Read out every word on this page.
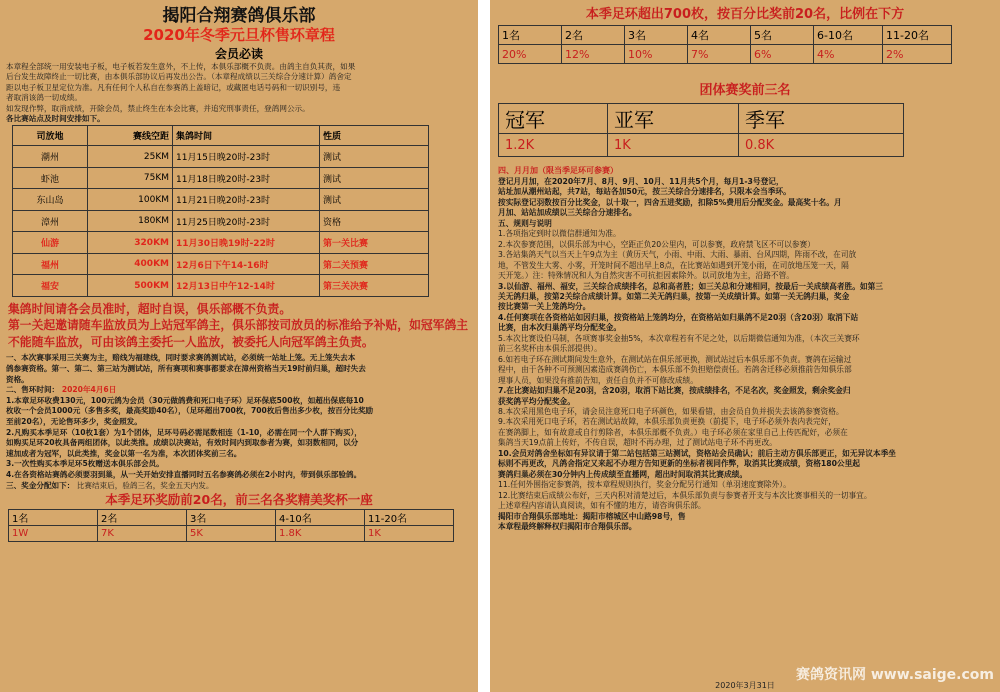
揭阳合翔赛鸽俱乐部
2020年冬季元旦杯售环章程
会员必读
本章程全部统一用安装电子板，电子板若发生意外，不上传，本俱乐部概不负责。由鸽主自负其责，如果
后台发生故障终止一切比赛，由本俱乐部协议后再发出公告。（本章程成绩以三关综合分速计算）鸽舍定
距以电子板卫星定位为准。凡有任何个人私自在参赛鸽上盖暗记，或藏匿电话号码和一切识别号，违
者取消该鸽一切成绩。
如发现作弊，取消成绩，开除会员，禁止终生在本会比赛，并追究刑事责任，登鸽网公示。
各比赛站点及时间安排如下。
司放地	赛线空距	集鸽时间	性质
潮州	25KM	11月15日晚20时-23时	测试
虾池	75KM	11月18日晚20时-23时	测试
东山岛	100KM	11月21日晚20时-23时	测试
漳州	180KM	11月25日晚20时-23时	资格
仙游	320KM	11月30日晚19时-22时	第一关比赛
福州	400KM	12月6日下午14-16时	第二关预赛
福安	500KM	12月13日中午12-14时	第三关决赛
集鸽时间请各会员准时，超时自误，俱乐部概不负责。
第一关起邀请随车监放员为上站冠军鸽主，俱乐部按司放员的标准给予补贴，如冠军鸽主不能随车监放，可由该鸽主委托一人监放，被委托人向冠军鸽主负责。
一、本次赛事采用三关赛为主，赔线为福建线，同时要求赛鸽测试站，必须统一站址上笼。无上笼失去本
鸽参赛资格。第一、第二、第三站为测试站，所有赛项和赛事都要求在漳州资格当天19时前归巢，超时失去
资格。
二、售环时间： 2020年4月6日
1.本章足环收费130元，100元鸽为会员（30元做鸽费和死口电子环）足环保底500枚，如超出保底每10
枚收一个会员1000元（多售多奖，最高奖励40名），（足环超出700枚，700枚后售出多少枚，按百分比奖励
至前20名），无论售环多少，奖金照发。
2.凡购买本季足环（10枚1套）为1个团体，足环号码必需尾数相连（1-10，必需在同一个人群下购买），
如购买足环20枚具备两组团体，以此类推。成绩以决赛站，有效时间内到取参者为赛，如羽数相同，以分
速加成者为冠军，以此类推，奖金以第一名为准，本次团体奖前三名。
3.一次性购买本季足环5枚赠送本俱乐部会员。
4.在各资格站赛鸽必须要羽到巢，从一关开始安排直播同时五名参赛鸽必须在2小时内，带到俱乐部验鸽。
三、奖金分配如下： 比赛结束后，验鸽三名，奖金五天内发。
本季足环奖励前20名，前三名各奖精美奖杯一座
1名	2名	3名	4-10名	11-20名
1W	7K	5K	1.8K	1K
本季足环超出700枚，按百分比奖前20名，比例在下方
1名	2名	3名	4名	5名	6-10名	11-20名
20%	12%	10%	7%	6%	4%	2%
团体赛奖前三名
冠军	亚军	季军
1.2K	1K	0.8K
四、月月加（限当季足环可参赛）
登记月月加，在2020年7月、8月、9月、10月、11月共5个月，每月1-3号登记，
站址加从潮州站起，共7站，每站各加50元，按三关综合分速排名，只限本会当季环。
按实际登记羽数按百分比奖金，以十取一，四舍五进奖励，扣除5%费用后分配奖金。最高奖十名。月
月加、站站加成绩以三关综合分速排名。
五、规则与说明
1.各项指定到时以微信群通知为准。
2.本次参赛范围，以俱乐部为中心，空距正负20公里内，可以参赛，政府禁飞区不可以参赛）
3.各站集鸽天气以当天上午9点为主（黄历天气，小雨、中雨、大雨、暴雨、台风四期，阵雨不改，在司放
地，不管发生大雾、小雾，开笼时间不超出早上8点，在比赛站如遇到开笼小雨，在司放地压笼一天，隔
天开笼。）注：特殊情况和人为自然灾害不可抗拒因素除外。以司放地为主，沿路不管。
3.以仙游、福州、福安，三关综合成绩排名，总和高者胜；如三关总和分速相同，按最后一关成绩高者胜。如第三
关无鸽归巢，按第2关综合成绩计算。如第二关无鸽归巢，按第一关成绩计算。如第一关无鸽归巢，奖金
按比赛第一关上笼鸽均分。
4.任何赛项在各资格站如因归巢，按资格站上笼鸽均分，在资格站如归巢鸽不足20羽（含20羽）取消下站
比赛，由本次归巢鸽平均分配奖金。
5.本次比赛设伯马制，各项赛事奖金抽5%，本次章程若有不足之处，以后期微信通知为准，（本次三关赛环
前三名奖杯由本俱乐部提供）。
6.如若电子环在测试期间发生意外，在测试站在俱乐部更换，测试站过后本俱乐部不负责。赛鸽在运输过
程中，由于各种不可预测因素造成赛鸽伤亡，本俱乐部不负担赔偿责任。若鸽舍迁移必须推前告知俱乐部
理事人员，如果没有推前告知，责任自负并不可修改成绩。
7.在比赛站如归巢不足20羽，含20羽，取消下站比赛，按成绩排名，不足名次，奖金照发，剩余奖金归
获奖鸽平均分配奖金。
8.本次采用黑色电子环，请会员注意死口电子环颜色，如果看错，由会员自负并损失去该鸽参赛资格。
9.本次采用死口电子环，若在测试站故障，本俱乐部负责更换（前提下，电子环必须外表内表完好，
在赛鸽脚上，如有故意或自行剪除者，本俱乐部概不负责。）电子环必须在家里自己上传匹配好，必须在
集鸽当天19点前上传好，不传自误，超时不再办理，过了测试站电子环不再更改。
10.会员对鸽舍坐标如有异议请于第二站包括第三站测试，资格站会员确认；前后主动方俱乐部更正，如无异议本季坐
标则不再更改，凡鸽舍指定又来起不办理方告知更新的坐标者视同作弊，取消其比赛成绩，资格180公里起
赛鸽归巢必须在30分钟内上传成绩至直播网，超出时间取消其比赛成绩。
11.任何外围指定参赛鸽，按本章程规则执行，奖金分配另行通知（单羽速度赛除外）。
12.比赛结束后成绩公布好，三天内积对清楚过后，本俱乐部负责与参赛者开支与本次比赛事相关的一切事宜。
上述章程内容请认真阅读，如有不懂的地方，请咨询俱乐部。
揭阳市合翔俱乐部地址：揭阳市榕城区中山路98号，售
本章程最终解释权归揭阳市合翔俱乐部。
2020年3月31日
赛鸽资讯网 www.saige.com
